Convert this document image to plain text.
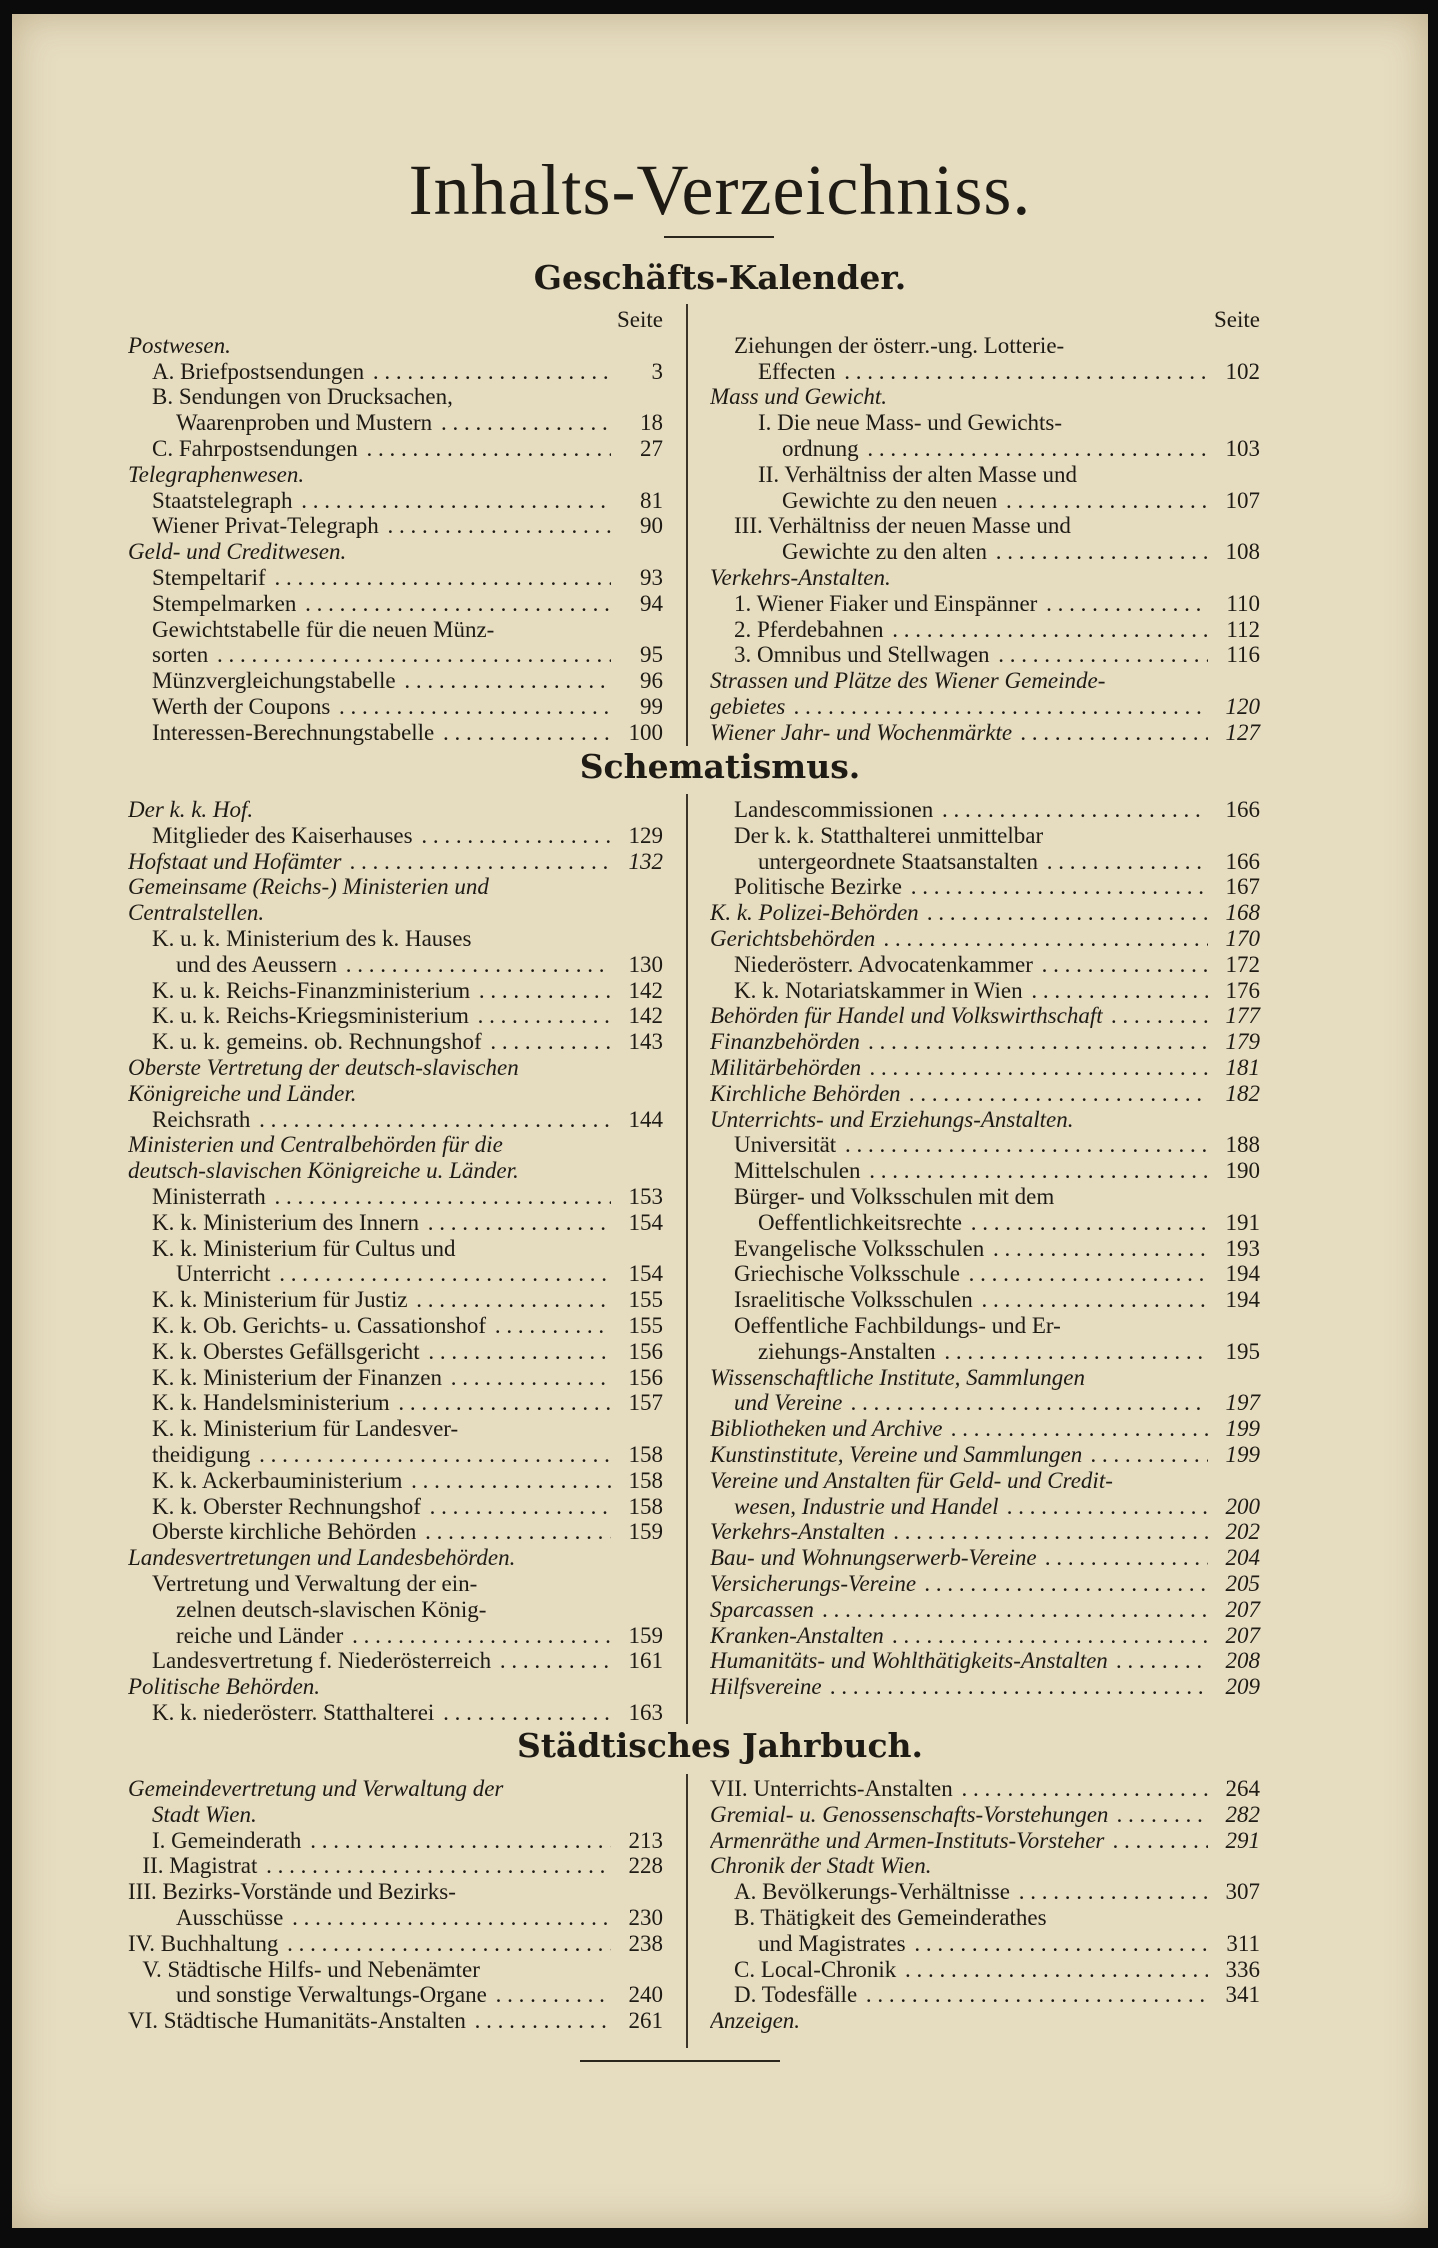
Inhalts-Verzeichniss.
Geschäfts-Kalender.
Seite
Postwesen.
A. Briefpostsendungen . . .	3
B. Sendungen von Drucksachen,
Waarenproben und Mustern . . .	18
C. Fahrpostsendungen . . .	27
Telegraphenwesen.
Staatstelegraph . . .	81
Wiener Privat-Telegraph . . .	90
Geld- und Creditwesen.
Stempeltarif . . .	93
Stempelmarken . . .	94
Gewichtstabelle für die neuen Münz-
sorten . . .	95
Münzvergleichungstabelle . . .	96
Werth der Coupons . . .	99
Interessen-Berechnungstabelle . . .	100
Seite
Ziehungen der österr.-ung. Lotterie-
Effecten . . .	102
Mass und Gewicht.
I. Die neue Mass- und Gewichts-
ordnung . . .	103
II. Verhältniss der alten Masse und
Gewichte zu den neuen . . .	107
III. Verhältniss der neuen Masse und
Gewichte zu den alten . . .	108
Verkehrs-Anstalten.
1. Wiener Fiaker und Einspänner . . .	110
2. Pferdebahnen . . .	112
3. Omnibus und Stellwagen . . .	116
Strassen und Plätze des Wiener Gemeinde-
gebietes . . .	120
Wiener Jahr- und Wochenmärkte . . .	127
Schematismus.
Der k. k. Hof.
Mitglieder des Kaiserhauses . . .	129
Hofstaat und Hofämter . . .	132
Gemeinsame (Reichs-) Ministerien und
Centralstellen.
K. u. k. Ministerium des k. Hauses
und des Aeussern . . .	130
K. u. k. Reichs-Finanzministerium . . .	142
K. u. k. Reichs-Kriegsministerium . . .	142
K. u. k. gemeins. ob. Rechnungshof . . .	143
Oberste Vertretung der deutsch-slavischen
Königreiche und Länder.
Reichsrath . . .	144
Ministerien und Centralbehörden für die
deutsch-slavischen Königreiche u. Länder.
Ministerrath . . .	153
K. k. Ministerium des Innern . . .	154
K. k. Ministerium für Cultus und
Unterricht . . .	154
K. k. Ministerium für Justiz . . .	155
K. k. Ob. Gerichts- u. Cassationshof . . .	155
K. k. Oberstes Gefällsgericht . . .	156
K. k. Ministerium der Finanzen . . .	156
K. k. Handelsministerium . . .	157
K. k. Ministerium für Landesver-
theidigung . . .	158
K. k. Ackerbauministerium . . .	158
K. k. Oberster Rechnungshof . . .	158
Oberste kirchliche Behörden . . .	159
Landesvertretungen und Landesbehörden.
Vertretung und Verwaltung der ein-
zelnen deutsch-slavischen König-
reiche und Länder . . .	159
Landesvertretung f. Niederösterreich . . .	161
Politische Behörden.
K. k. niederösterr. Statthalterei . . .	163
Landescommissionen . . .	166
Der k. k. Statthalterei unmittelbar
untergeordnete Staatsanstalten . . .	166
Politische Bezirke . . .	167
K. k. Polizei-Behörden . . .	168
Gerichtsbehörden . . .	170
Niederösterr. Advocatenkammer . . .	172
K. k. Notariatskammer in Wien . . .	176
Behörden für Handel und Volkswirthschaft . . .	177
Finanzbehörden . . .	179
Militärbehörden . . .	181
Kirchliche Behörden . . .	182
Unterrichts- und Erziehungs-Anstalten.
Universität . . .	188
Mittelschulen . . .	190
Bürger- und Volksschulen mit dem
Oeffentlichkeitsrechte . . .	191
Evangelische Volksschulen . . .	193
Griechische Volksschule . . .	194
Israelitische Volksschulen . . .	194
Oeffentliche Fachbildungs- und Er-
ziehungs-Anstalten . . .	195
Wissenschaftliche Institute, Sammlungen
und Vereine . . .	197
Bibliotheken und Archive . . .	199
Kunstinstitute, Vereine und Sammlungen . . .	199
Vereine und Anstalten für Geld- und Credit-
wesen, Industrie und Handel . . .	200
Verkehrs-Anstalten . . .	202
Bau- und Wohnungserwerb-Vereine . . .	204
Versicherungs-Vereine . . .	205
Sparcassen . . .	207
Kranken-Anstalten . . .	207
Humanitäts- und Wohlthätigkeits-Anstalten . . .	208
Hilfsvereine . . .	209
Städtisches Jahrbuch.
Gemeindevertretung und Verwaltung der
Stadt Wien.
I. Gemeinderath . . .	213
II. Magistrat . . .	228
III. Bezirks-Vorstände und Bezirks-
Ausschüsse . . .	230
IV. Buchhaltung . . .	238
V. Städtische Hilfs- und Nebenämter
und sonstige Verwaltungs-Organe . . .	240
VI. Städtische Humanitäts-Anstalten . . .	261
VII. Unterrichts-Anstalten . . .	264
Gremial- u. Genossenschafts-Vorstehungen . . .	282
Armenräthe und Armen-Instituts-Vorsteher . . .	291
Chronik der Stadt Wien.
A. Bevölkerungs-Verhältnisse . . .	307
B. Thätigkeit des Gemeinderathes
und Magistrates . . .	311
C. Local-Chronik . . .	336
D. Todesfälle . . .	341
Anzeigen.
